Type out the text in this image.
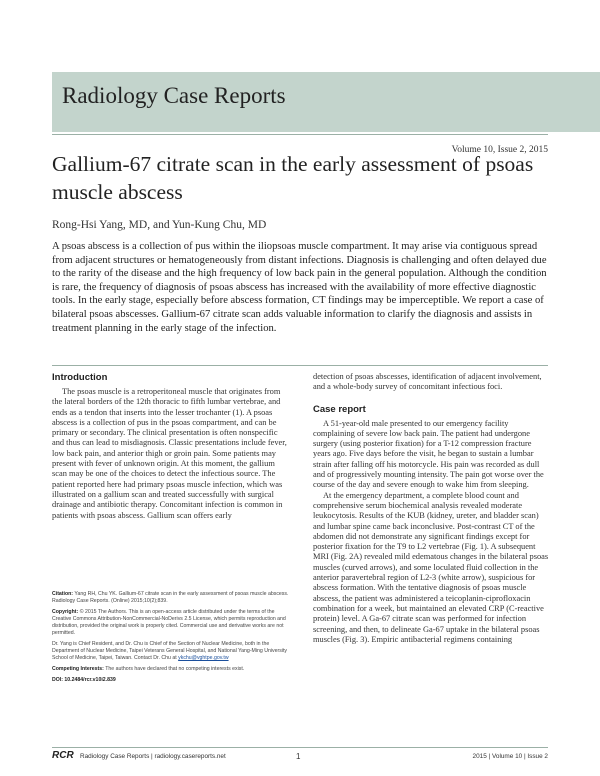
Radiology Case Reports
Volume 10, Issue 2, 2015
Gallium-67 citrate scan in the early assessment of psoas muscle abscess
Rong-Hsi Yang, MD, and Yun-Kung Chu, MD

A psoas abscess is a collection of pus within the iliopsoas muscle compartment. It may arise via contiguous spread from adjacent structures or hematogeneously from distant infections. Diagnosis is challenging and often delayed due to the rarity of the disease and the high frequency of low back pain in the general population. Although the condition is rare, the frequency of diagnosis of psoas abscess has increased with the availability of more effective diagnostic tools. In the early stage, especially before abscess formation, CT findings may be imperceptible. We report a case of bilateral psoas abscesses. Gallium-67 citrate scan adds valuable information to clarify the diagnosis and assists in treatment planning in the early stage of the infection.

Introduction

The psoas muscle is a retroperitoneal muscle that originates from the lateral borders of the 12th thoracic to fifth lumbar vertebrae, and ends as a tendon that inserts into the lesser trochanter (1). A psoas abscess is a collection of pus in the psoas compartment, and can be primary or secondary. The clinical presentation is often nonspecific and thus can lead to misdiagnosis. Classic presentations include fever, low back pain, and anterior thigh or groin pain. Some patients may present with fever of unknown origin. At this moment, the gallium scan may be one of the choices to detect the infectious source. The patient reported here had primary psoas muscle infection, which was illustrated on a gallium scan and treated successfully with surgical drainage and antibiotic therapy. Concomitant infection is common in patients with psoas abscess. Gallium scan offers early

Citation: Yang RH, Chu YK. Gallium-67 citrate scan in the early assessment of psoas muscle abscess. Radiology Case Reports. (Online) 2015;10(2);839.

Copyright: © 2015 The Authors. This is an open-access article distributed under the terms of the Creative Commons Attribution-NonCommercial-NoDerivs 2.5 License, which permits reproduction and distribution, provided the original work is properly cited. Commercial use and derivative works are not permitted.

Dr. Yang is Chief Resident, and Dr. Chu is Chief of the Section of Nuclear Medicine, both in the Department of Nuclear Medicine, Taipei Veterans General Hospital, and National Yang-Ming University School of Medicine, Taipei, Taiwan. Contact Dr. Chu at ykchu@vghtpe.gov.tw

Competing Interests: The authors have declared that no competing interests exist.

DOI: 10.2484/rcr.v10i2.839

detection of psoas abscesses, identification of adjacent involvement, and a whole-body survey of concomitant infectious foci.

Case report

A 51-year-old male presented to our emergency facility complaining of severe low back pain. The patient had undergone surgery (using posterior fixation) for a T-12 compression fracture years ago. Five days before the visit, he began to sustain a lumbar strain after falling off his motorcycle. His pain was recorded as dull and of progressively mounting intensity. The pain got worse over the course of the day and severe enough to wake him from sleeping.

At the emergency department, a complete blood count and comprehensive serum biochemical analysis revealed moderate leukocytosis. Results of the KUB (kidney, ureter, and bladder scan) and lumbar spine came back inconclusive. Post-contrast CT of the abdomen did not demonstrate any significant findings except for posterior fixation for the T9 to L2 vertebrae (Fig. 1). A subsequent MRI (Fig. 2A) revealed mild edematous changes in the bilateral psoas muscles (curved arrows), and some loculated fluid collection in the anterior paravertebral region of L2-3 (white arrow), suspicious for abscess formation. With the tentative diagnosis of psoas muscle abscess, the patient was administered a teicoplanin-ciprofloxacin combination for a week, but maintained an elevated CRP (C-reactive protein) level. A Ga-67 citrate scan was performed for infection screening, and then, to delineate Ga-67 uptake in the bilateral psoas muscles (Fig. 3). Empiric antibacterial regimens containing

RCR Radiology Case Reports | radiology.casereports.net	1	2015 | Volume 10 | Issue 2
